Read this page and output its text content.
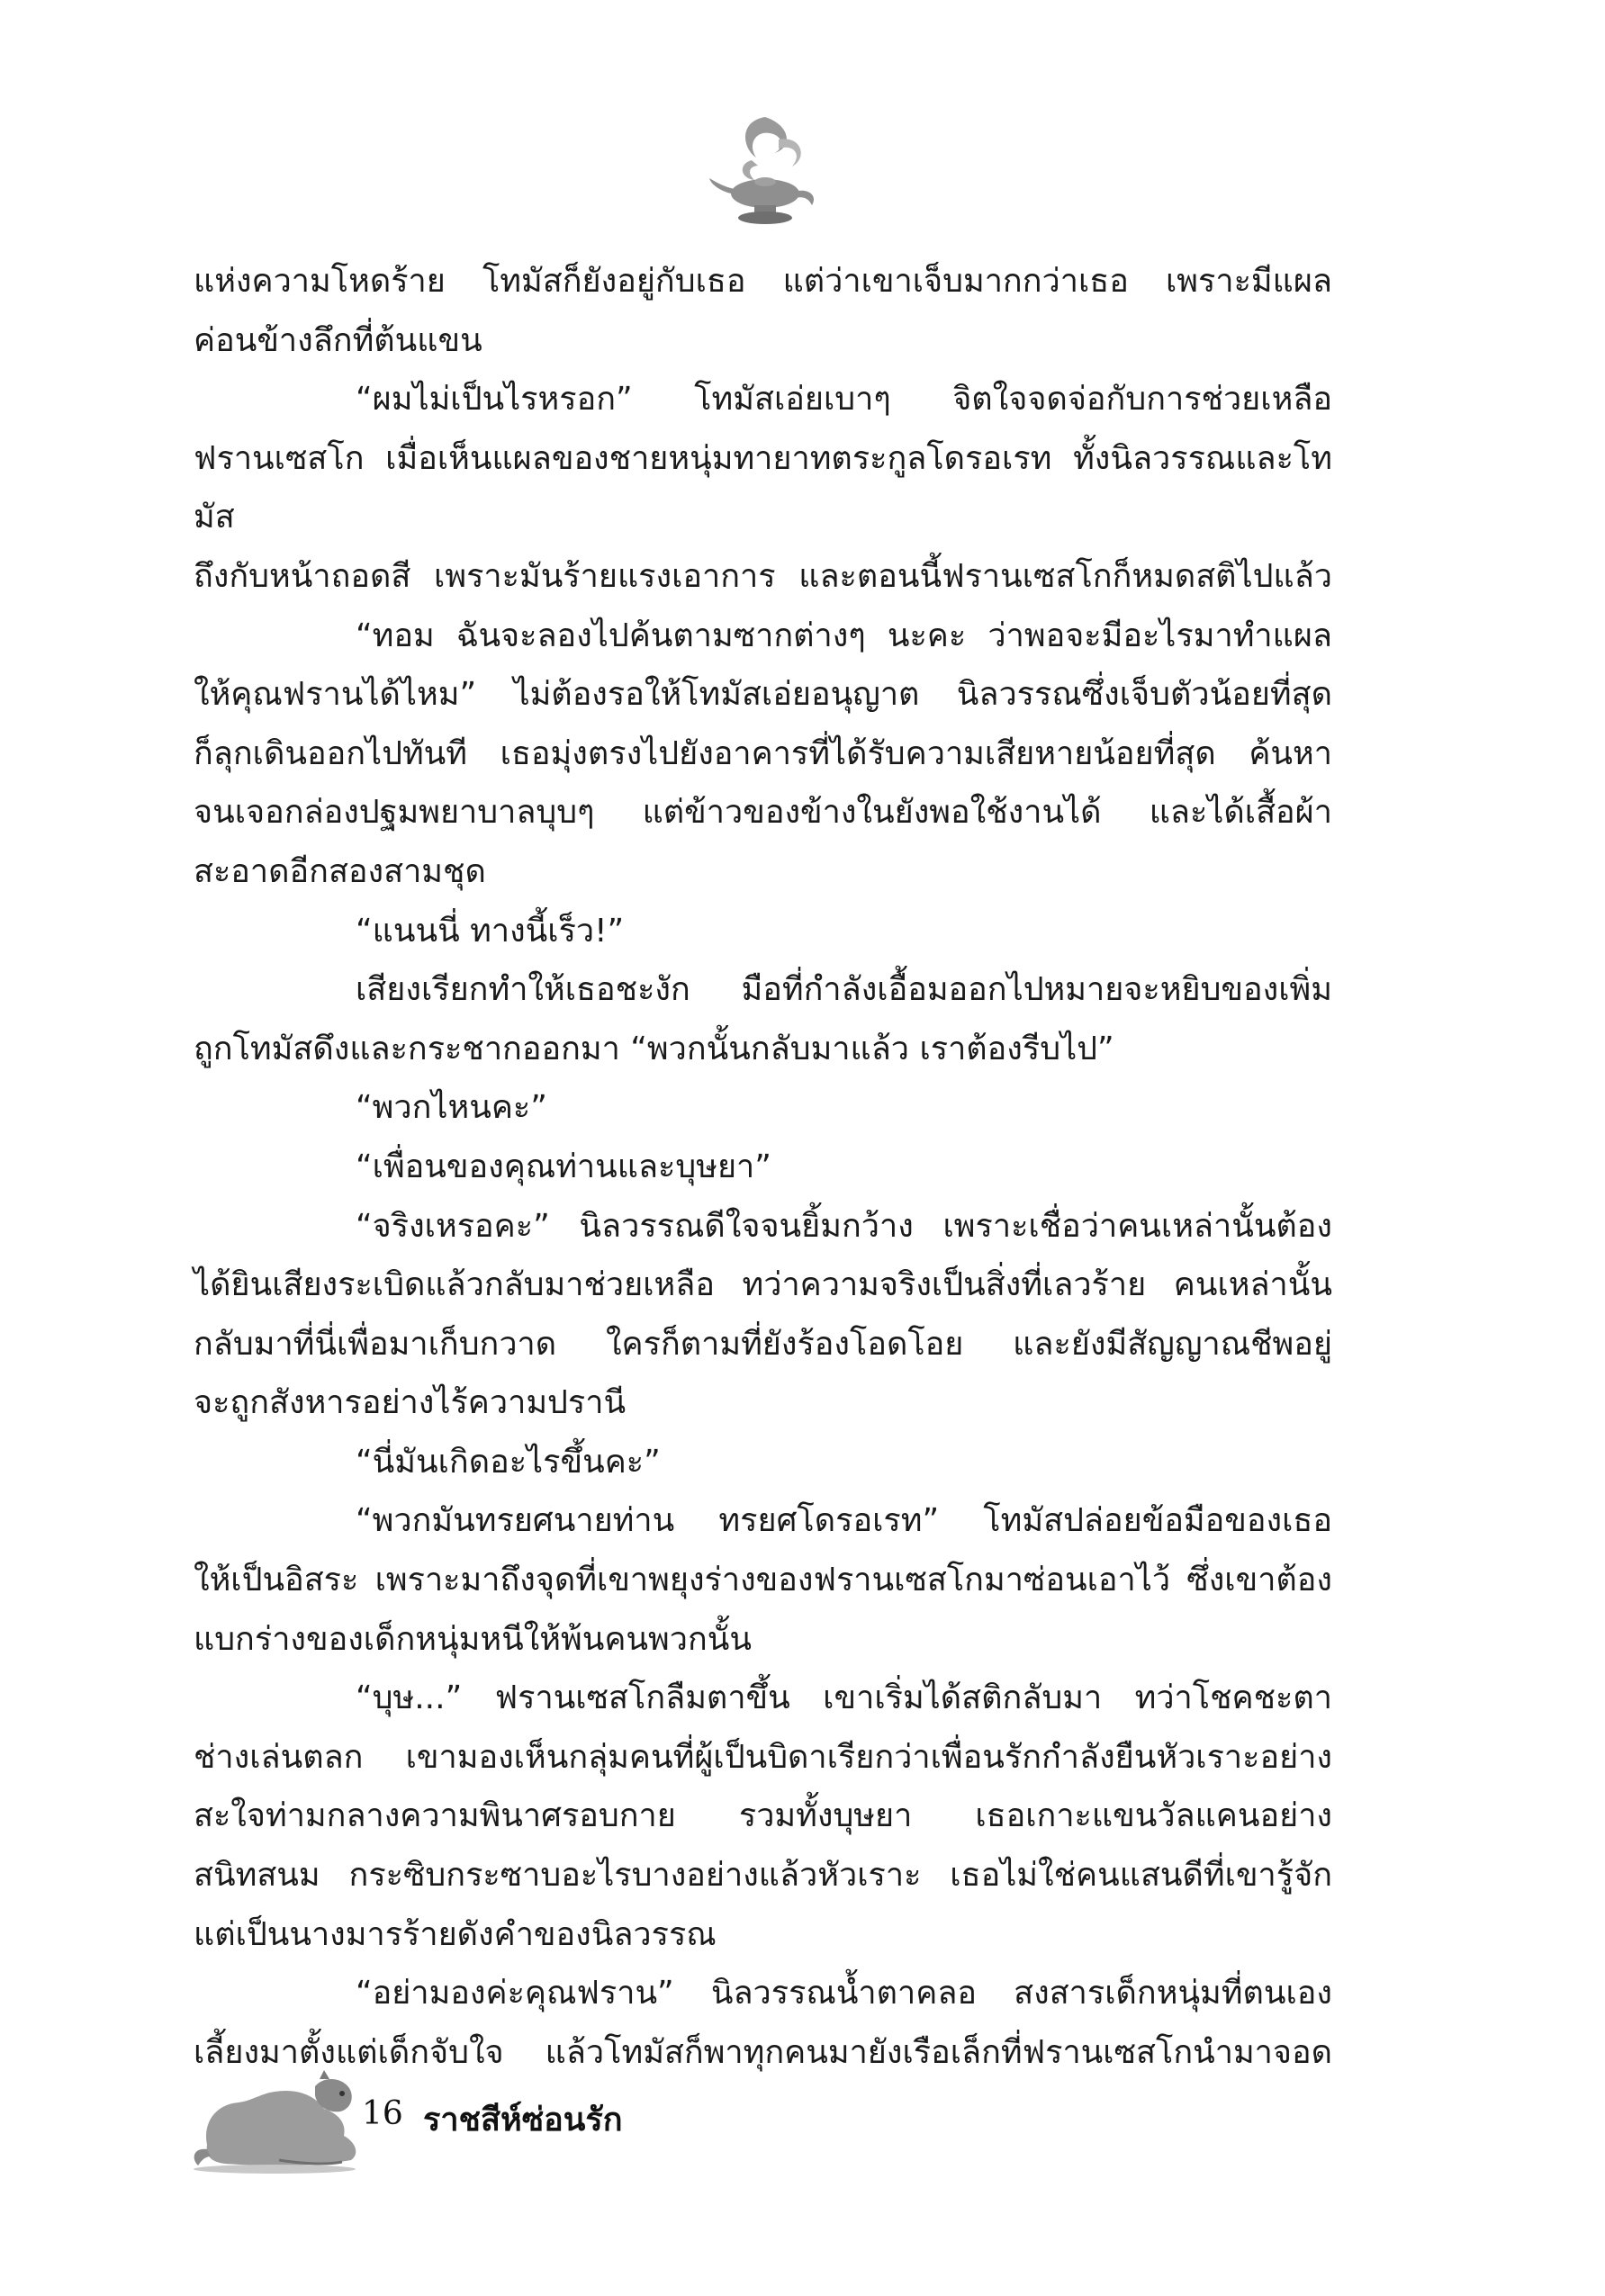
แห่งความโหดร้าย โทมัสก็ยังอยู่กับเธอ แต่ว่าเขาเจ็บมากกว่าเธอ เพราะมีแผล
ค่อนข้างลึกที่ต้นแขน
“ผมไม่เป็นไรหรอก” โทมัสเอ่ยเบาๆ จิตใจจดจ่อกับการช่วยเหลือ
ฟรานเซสโก เมื่อเห็นแผลของชายหนุ่มทายาทตระกูลโดรอเรท ทั้งนิลวรรณและโทมัส
ถึงกับหน้าถอดสี เพราะมันร้ายแรงเอาการ และตอนนี้ฟรานเซสโกก็หมดสติไปแล้ว
“ทอม ฉันจะลองไปค้นตามซากต่างๆ นะคะ ว่าพอจะมีอะไรมาทำแผล
ให้คุณฟรานได้ไหม” ไม่ต้องรอให้โทมัสเอ่ยอนุญาต นิลวรรณซึ่งเจ็บตัวน้อยที่สุด
ก็ลุกเดินออกไปทันที เธอมุ่งตรงไปยังอาคารที่ได้รับความเสียหายน้อยที่สุด ค้นหา
จนเจอกล่องปฐมพยาบาลบุบๆ แต่ข้าวของข้างในยังพอใช้งานได้ และได้เสื้อผ้า
สะอาดอีกสองสามชุด
“แนนนี่ ทางนี้เร็ว!”
เสียงเรียกทำให้เธอชะงัก มือที่กำลังเอื้อมออกไปหมายจะหยิบของเพิ่ม
ถูกโทมัสดึงและกระชากออกมา “พวกนั้นกลับมาแล้ว เราต้องรีบไป”
“พวกไหนคะ”
“เพื่อนของคุณท่านและบุษยา”
“จริงเหรอคะ” นิลวรรณดีใจจนยิ้มกว้าง เพราะเชื่อว่าคนเหล่านั้นต้อง
ได้ยินเสียงระเบิดแล้วกลับมาช่วยเหลือ ทว่าความจริงเป็นสิ่งที่เลวร้าย คนเหล่านั้น
กลับมาที่นี่เพื่อมาเก็บกวาด ใครก็ตามที่ยังร้องโอดโอย และยังมีสัญญาณชีพอยู่
จะถูกสังหารอย่างไร้ความปรานี
“นี่มันเกิดอะไรขึ้นคะ”
“พวกมันทรยศนายท่าน ทรยศโดรอเรท” โทมัสปล่อยข้อมือของเธอ
ให้เป็นอิสระ เพราะมาถึงจุดที่เขาพยุงร่างของฟรานเซสโกมาซ่อนเอาไว้ ซึ่งเขาต้อง
แบกร่างของเด็กหนุ่มหนีให้พ้นคนพวกนั้น
“บุษ...” ฟรานเซสโกลืมตาขึ้น เขาเริ่มได้สติกลับมา ทว่าโชคชะตา
ช่างเล่นตลก เขามองเห็นกลุ่มคนที่ผู้เป็นบิดาเรียกว่าเพื่อนรักกำลังยืนหัวเราะอย่าง
สะใจท่ามกลางความพินาศรอบกาย รวมทั้งบุษยา เธอเกาะแขนวัลแคนอย่าง
สนิทสนม กระซิบกระซาบอะไรบางอย่างแล้วหัวเราะ เธอไม่ใช่คนแสนดีที่เขารู้จัก
แต่เป็นนางมารร้ายดังคำของนิลวรรณ
“อย่ามองค่ะคุณฟราน” นิลวรรณน้ำตาคลอ สงสารเด็กหนุ่มที่ตนเอง
เลี้ยงมาตั้งแต่เด็กจับใจ แล้วโทมัสก็พาทุกคนมายังเรือเล็กที่ฟรานเซสโกนำมาจอด
16 ราชสีห์ซ่อนรัก
